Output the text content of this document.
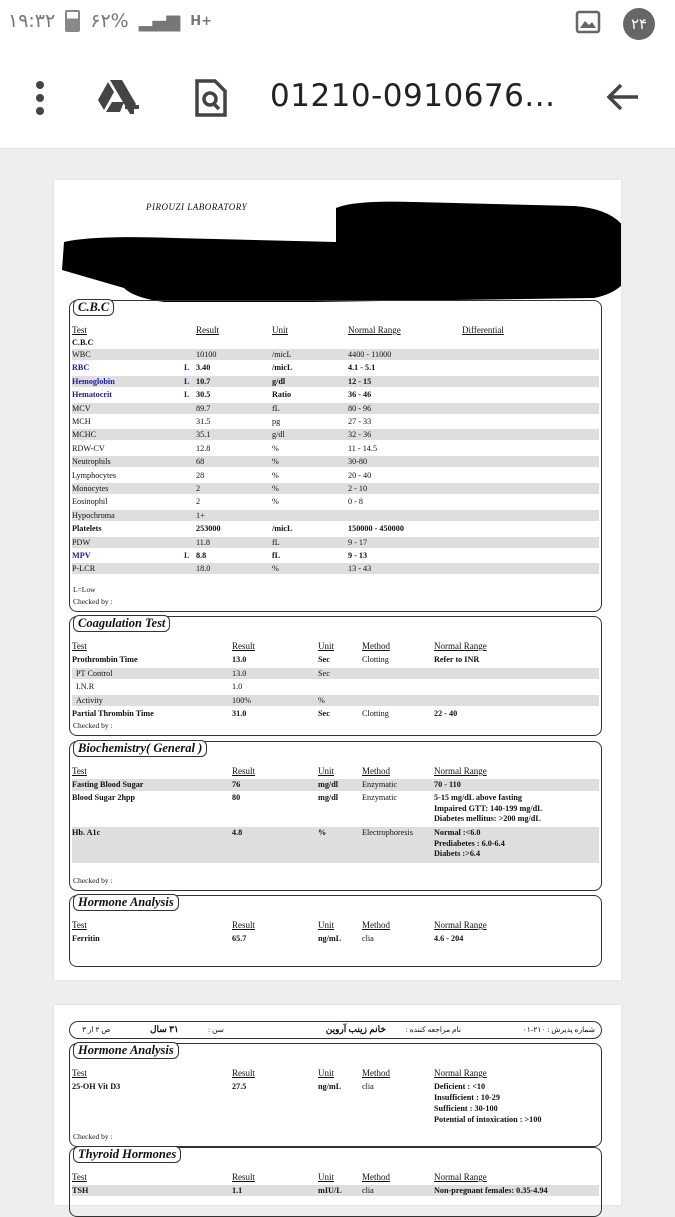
۱۹:۳۲ ۶۲% ▂▄▆ H+	۲۴
01210-0910676...
PIROUZI LABORATORY
C.B.C
Test	Result	Unit	Normal Range	Differential
C.B.C
WBC	10100	/micL	4400 - 11000
RBC	L 3.40	/micL	4.1 - 5.1
Hemoglobin	L 10.7	g/dl	12 - 15
Hematocrit	L 30.5	Ratio	36 - 46
MCV	89.7	fL	80 - 96
MCH	31.5	pg	27 - 33
MCHC	35.1	g/dl	32 - 36
RDW-CV	12.8	%	11 - 14.5
Neutrophils	68	%	30-80
Lymphocytes	28	%	20 - 40
Monocytes	2	%	2 - 10
Eosinophil	2	%	0 - 8
Hypochroma	1+
Platelets	253000	/micL	150000 - 450000
PDW	11.8	fL	9 - 17
MPV	L 8.8	fL	9 - 13
P-LCR	18.0	%	13 - 43
L=Low
Checked by :
Coagulation Test
Test	Result	Unit	Method	Normal Range
Prothrombin Time	13.0	Sec	Clotting	Refer to INR
PT Control	13.0	Sec
I.N.R	1.0
Activity	100%	%
Partial Thrombin Time	31.0	Sec	Clotting	22 - 40
Checked by :
Biochemistry( General )
Test	Result	Unit	Method	Normal Range
Fasting Blood Sugar	76	mg/dl	Enzymatic	70 - 110
Blood Sugar 2hpp	80	mg/dl	Enzymatic	5-15 mg/dL above fasting
Impaired GTT: 140-199 mg/dL
Diabetes mellitus: >200 mg/dL
Hb. A1c	4.8	%	Electrophoresis	Normal :<6.0
Prediabetes : 6.0-6.4
Diabets :>6.4
Checked by :
Hormone Analysis
Test	Result	Unit	Method	Normal Range
Ferritin	65.7	ng/mL	clia	4.6 - 204
شماره پذیرش : ۲۱۰-۰۱
نام مراجعه کننده :
خانم زینب آروین
سن :
۳۱ سال
ص ۲ از ۳
Hormone Analysis
Test	Result	Unit	Method	Normal Range
25-OH Vit D3	27.5	ng/mL	clia	Deficient : <10
Insufficient : 10-29
Sufficient : 30-100
Potential of intoxication : >100
Checked by :
Thyroid Hormones
Test	Result	Unit	Method	Normal Range
TSH	1.1	mIU/L clia	Non-pregnant females: 0.35-4.94
